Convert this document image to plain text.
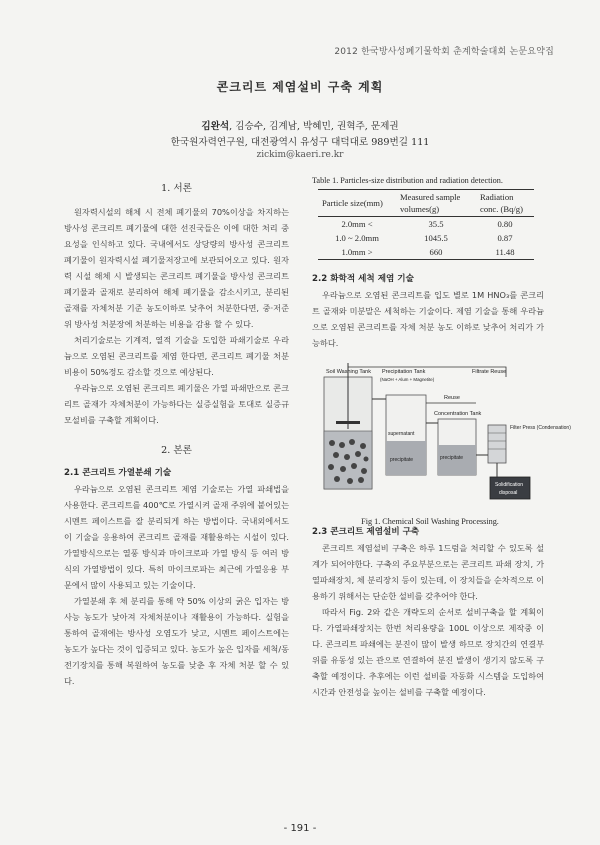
2012 한국방사성폐기물학회 춘계학술대회 논문요약집
콘크리트 제염설비 구축 계획
김완석, 김승수, 김계남, 박혜민, 권혁주, 문제권
한국원자력연구원, 대전광역시 유성구 대덕대로 989번길 111
zickim@kaeri.re.kr
1. 서론

원자력시설의 해체 시 전체 폐기물의 70%이상을 차지하는 방사성 콘크리트 폐기물에 대한 선진국들은 이에 대한 처리 중요성을 인식하고 있다. 국내에서도 상당량의 방사성 콘크리트 폐기물이 원자력시설 폐기물저장고에 보관되어오고 있다. 원자력 시설 해체 시 발생되는 콘크리트 폐기물을 방사성 콘크리트 폐기물과 골재로 분리하여 해체 폐기물을 감소시키고, 분리된 골재를 자체처분 기준 농도이하로 낮추어 처분한다면, 중·저준위 방사성 처분장에 처분하는 비용을 감용 할 수 있다.

처리기술로는 기계적, 열적 기술을 도입한 파쇄기술로 우라늄으로 오염된 콘크리트를 제염 한다면, 콘크리트 폐기물 처분 비용이 50%정도 감소할 것으로 예상된다.

우라늄으로 오염된 콘크리트 폐기물은 가열 파쇄만으로 콘크리트 골재가 자체처분이 가능하다는 실증실험을 토대로 실증규모설비를 구축할 계획이다.

2. 본론
2.1 콘크리트 가열분쇄 기술

우라늄으로 오염된 콘크리트 제염 기술로는 가열 파쇄법을 사용한다. 콘크리트를 400℃로 가열시켜 골재 주위에 붙어있는 시멘트 페이스트를 잘 분리되게 하는 방법이다. 국내외에서도 이 기술을 응용하여 콘크리트 골재를 재활용하는 시설이 있다. 가열방식으로는 열풍 방식과 마이크로파 가열 방식 등 여러 방식의 가열방법이 있다. 특히 마이크로파는 최근에 가열응용 부문에서 많이 사용되고 있는 기술이다.

가열분쇄 후 체 분리를 통해 약 50% 이상의 굵은 입자는 방사능 농도가 낮아져 자체처분이나 재활용이 가능하다. 실험을 통하여 골재에는 방사성 오염도가 낮고, 시멘트 페이스트에는 농도가 높다는 것이 입증되고 있다. 농도가 높은 입자를 세척/동전기장치를 통해 복원하여 농도를 낮춘 후 자체 처분 할 수 있다.

Table 1. Particles-size distribution and radiation detection.
Particle size(mm)	Measured sample volumes(g)	Radiation conc. (Bq/g)
2.0mm <	35.5	0.80
1.0 ~ 2.0mm	1045.5	0.87
1.0mm >	660	11.48
2.2 화학적 세척 제염 기술

우라늄으로 오염된 콘크리트를 입도 별로 1M HNO₃를 콘크리트 골재와 미분말은 세척하는 기술이다. 제염 기술을 통해 우라늄으로 오염된 콘크리트를 자체 처분 농도 이하로 낮추어 처리가 가능하다.

Soil Washing Tank
supernatant
precipitate
Precipitation Tank
(NaOH + Alum + Magnetite)
precipitate
Concentration Tank
Reuse
Filtrate Reuse
Filter Press (Condensation)
Solidification
disposal
Fig 1. Chemical Soil Washing Processing.
2.3 콘크리트 제염설비 구축

콘크리트 제염설비 구축은 하루 1드럼을 처리할 수 있도록 설계가 되어야한다. 구축의 주요부분으로는 콘크리트 파쇄 장치, 가열파쇄장치, 체 분리장치 등이 있는데, 이 장치들을 순차적으로 이용하기 위해서는 단순한 설비를 갖추어야 한다.

따라서 Fig. 2와 같은 개략도의 순서로 설비구축을 할 계획이다. 가열파쇄장치는 한번 처리용량을 100L 이상으로 제작중 이다. 콘크리트 파쇄에는 분진이 많이 발생 하므로 장치간의 연결부위를 유동성 있는 관으로 연결하여 분진 발생이 생기지 않도록 구축할 예정이다. 추후에는 이런 설비를 자동화 시스템을 도입하여 시간과 안전성을 높이는 설비를 구축할 예정이다.

- 191 -
